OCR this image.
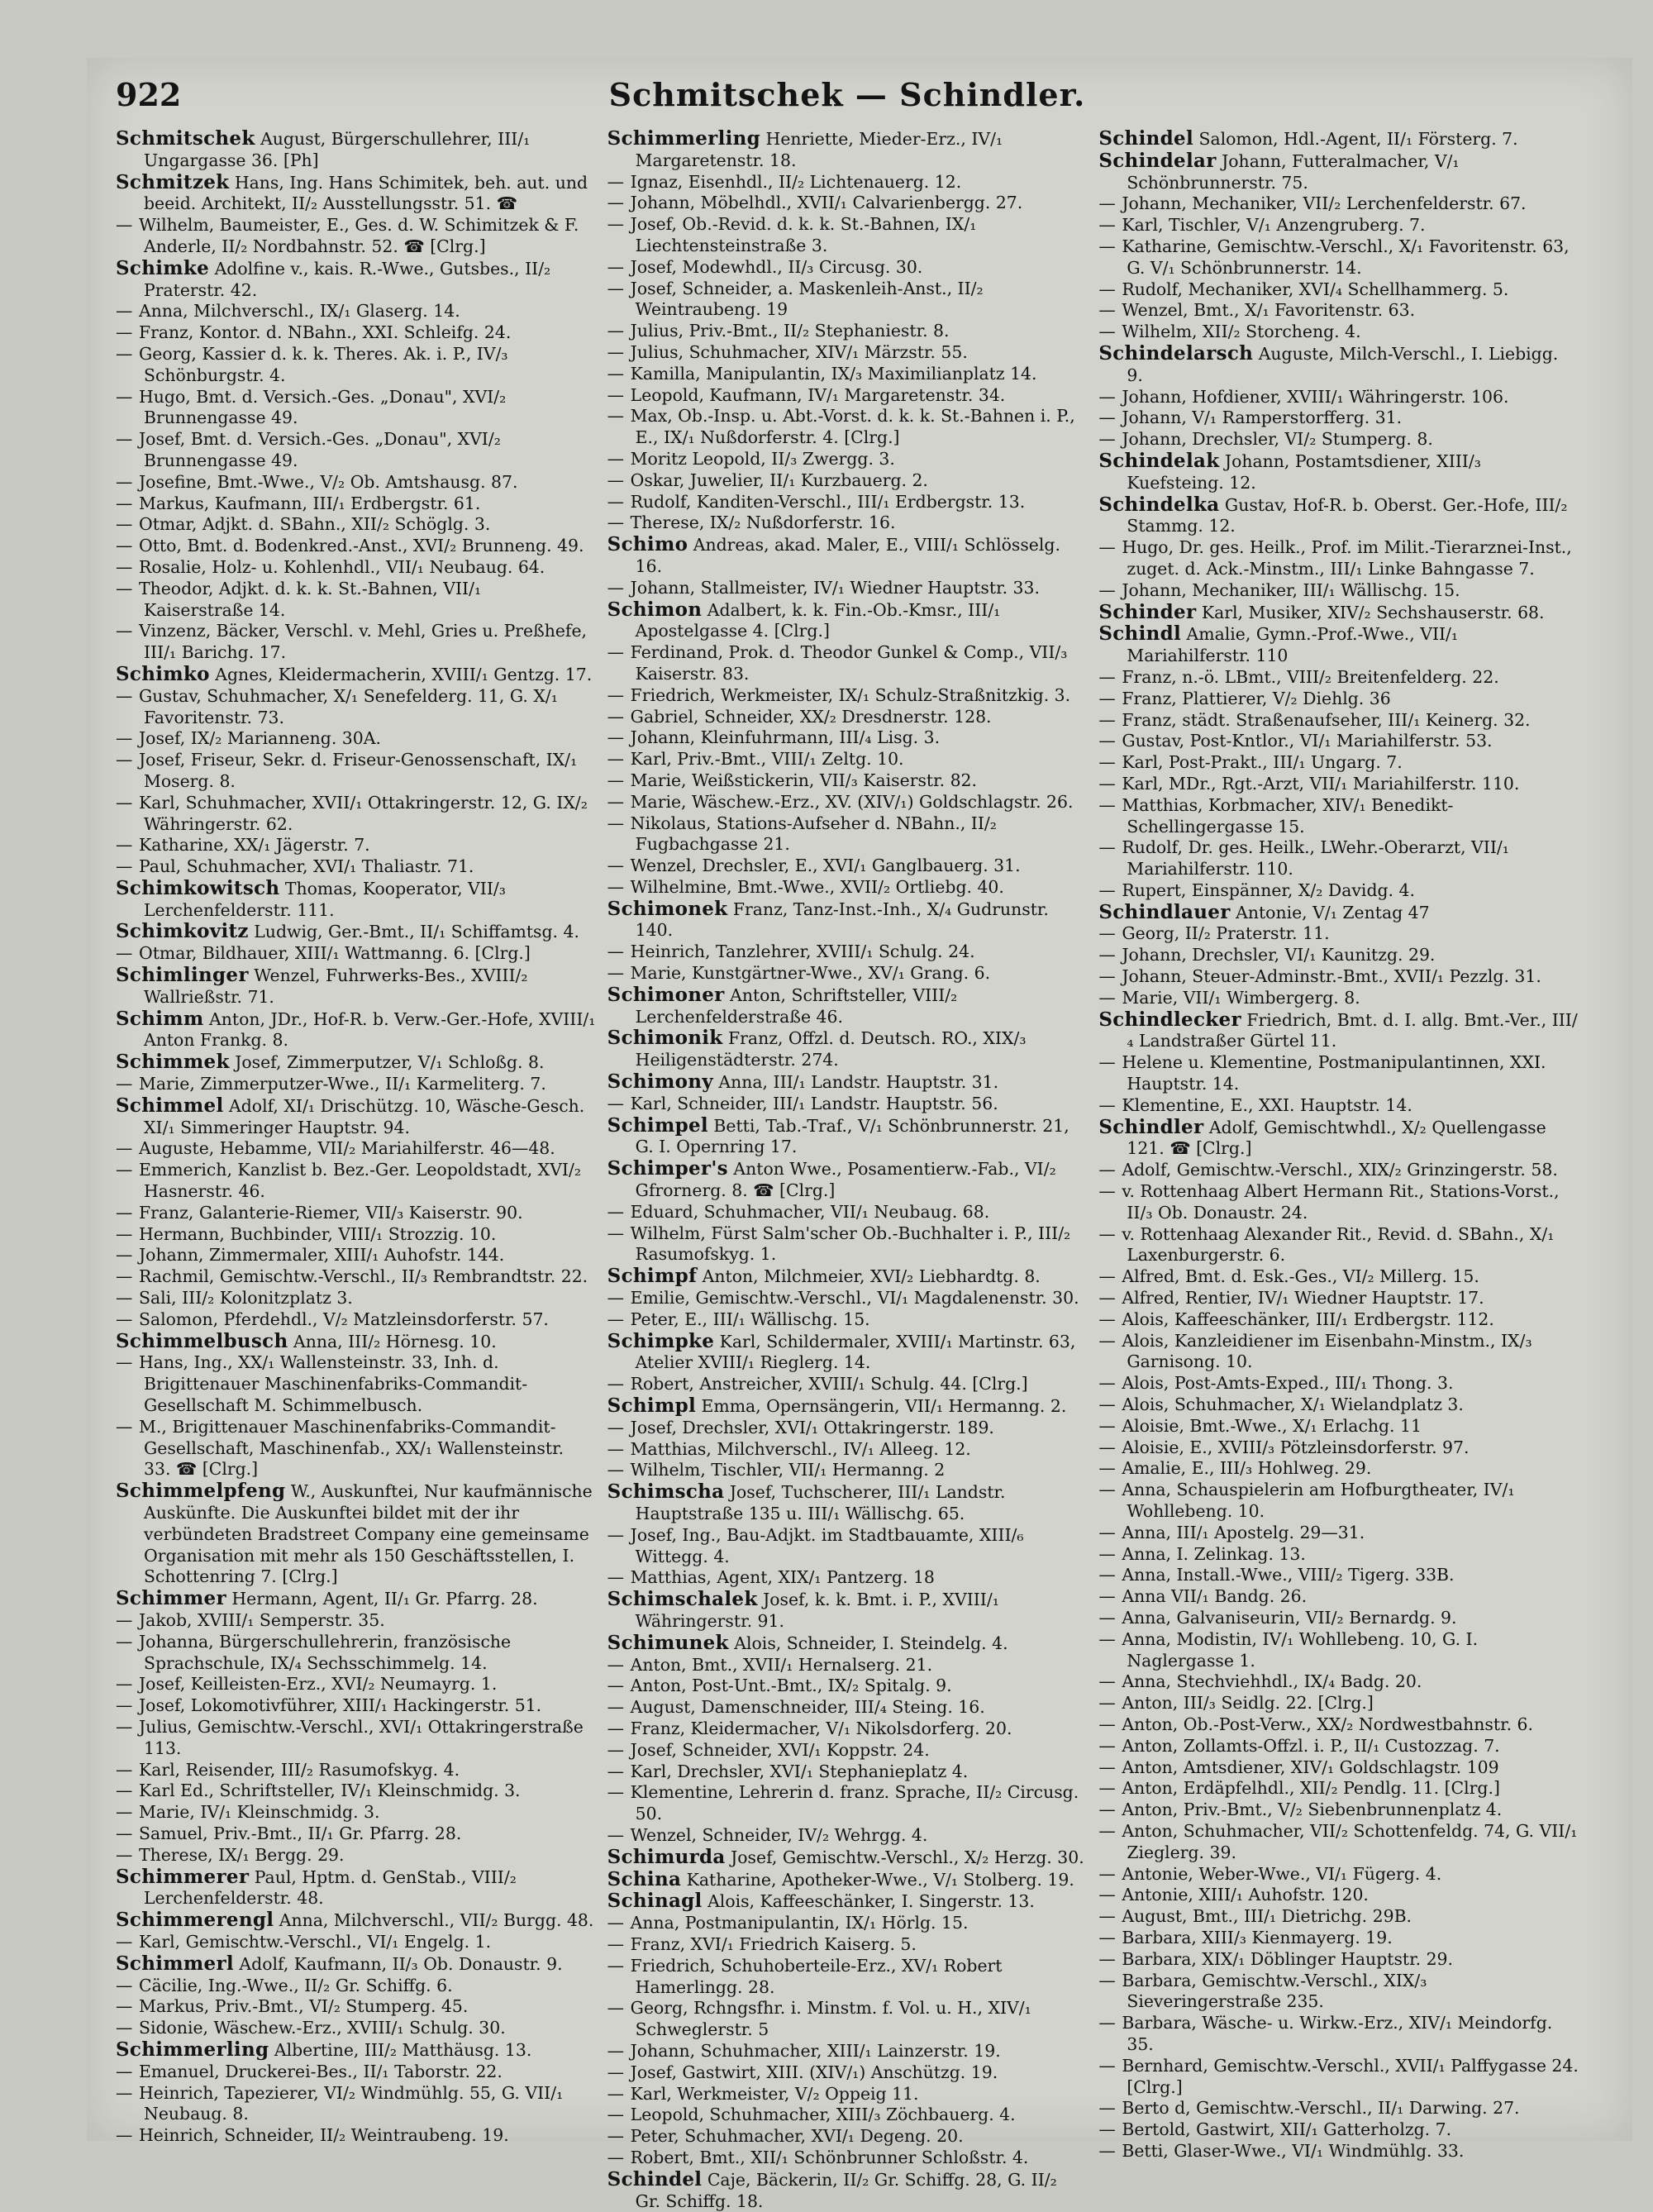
922	Schmitschek — Schindler.

Schmitschek August, Bürgerschullehrer, III/₁ Ungargasse 36. [Ph]

Schmitzek Hans, Ing. Hans Schimitek, beh. aut. und beeid. Architekt, II/₂ Ausstellungsstr. 51. ☎

— Wilhelm, Baumeister, E., Ges. d. W. Schimitzek & F. Anderle, II/₂ Nordbahnstr. 52. ☎ [Clrg.]

Schimke Adolfine v., kais. R.-Wwe., Gutsbes., II/₂ Praterstr. 42.

— Anna, Milchverschl., IX/₁ Glaserg. 14.

— Franz, Kontor. d. NBahn., XXI. Schleifg. 24.

— Georg, Kassier d. k. k. Theres. Ak. i. P., IV/₃ Schönburgstr. 4.

— Hugo, Bmt. d. Versich.-Ges. „Donau", XVI/₂ Brunnengasse 49.

— Josef, Bmt. d. Versich.-Ges. „Donau", XVI/₂ Brunnengasse 49.

— Josefine, Bmt.-Wwe., V/₂ Ob. Amtshausg. 87.

— Markus, Kaufmann, III/₁ Erdbergstr. 61.

— Otmar, Adjkt. d. SBahn., XII/₂ Schöglg. 3.

— Otto, Bmt. d. Bodenkred.-Anst., XVI/₂ Brunneng. 49.

— Rosalie, Holz- u. Kohlenhdl., VII/₁ Neubaug. 64.

— Theodor, Adjkt. d. k. k. St.-Bahnen, VII/₁ Kaiserstraße 14.

— Vinzenz, Bäcker, Verschl. v. Mehl, Gries u. Preßhefe, III/₁ Barichg. 17.

Schimko Agnes, Kleidermacherin, XVIII/₁ Gentzg. 17.

— Gustav, Schuhmacher, X/₁ Senefelderg. 11, G. X/₁ Favoritenstr. 73.

— Josef, IX/₂ Marianneng. 30A.

— Josef, Friseur, Sekr. d. Friseur-Genossenschaft, IX/₁ Moserg. 8.

— Karl, Schuhmacher, XVII/₁ Ottakringerstr. 12, G. IX/₂ Währingerstr. 62.

— Katharine, XX/₁ Jägerstr. 7.

— Paul, Schuhmacher, XVI/₁ Thaliastr. 71.

Schimkowitsch Thomas, Kooperator, VII/₃ Lerchenfelderstr. 111.

Schimkovitz Ludwig, Ger.-Bmt., II/₁ Schiffamtsg. 4.

— Otmar, Bildhauer, XIII/₁ Wattmanng. 6. [Clrg.]

Schimlinger Wenzel, Fuhrwerks-Bes., XVIII/₂ Wallrießstr. 71.

Schimm Anton, JDr., Hof-R. b. Verw.-Ger.-Hofe, XVIII/₁ Anton Frankg. 8.

Schimmek Josef, Zimmerputzer, V/₁ Schloßg. 8.

— Marie, Zimmerputzer-Wwe., II/₁ Karmeliterg. 7.

Schimmel Adolf, XI/₁ Drischützg. 10, Wäsche-Gesch. XI/₁ Simmeringer Hauptstr. 94.

— Auguste, Hebamme, VII/₂ Mariahilferstr. 46—48.

— Emmerich, Kanzlist b. Bez.-Ger. Leopoldstadt, XVI/₂ Hasnerstr. 46.

— Franz, Galanterie-Riemer, VII/₃ Kaiserstr. 90.

— Hermann, Buchbinder, VIII/₁ Strozzig. 10.

— Johann, Zimmermaler, XIII/₁ Auhofstr. 144.

— Rachmil, Gemischtw.-Verschl., II/₃ Rembrandtstr. 22.

— Sali, III/₂ Kolonitzplatz 3.

— Salomon, Pferdehdl., V/₂ Matzleinsdorferstr. 57.

Schimmelbusch Anna, III/₂ Hörnesg. 10.

— Hans, Ing., XX/₁ Wallensteinstr. 33, Inh. d. Brigittenauer Maschinenfabriks-Commandit-Gesellschaft M. Schimmelbusch.

— M., Brigittenauer Maschinenfabriks-Commandit-Gesellschaft, Maschinenfab., XX/₁ Wallensteinstr. 33. ☎ [Clrg.]

Schimmelpfeng W., Auskunftei, Nur kaufmännische Auskünfte. Die Auskunftei bildet mit der ihr verbündeten Bradstreet Company eine gemeinsame Organisation mit mehr als 150 Geschäftsstellen, I. Schottenring 7. [Clrg.]

Schimmer Hermann, Agent, II/₁ Gr. Pfarrg. 28.

— Jakob, XVIII/₁ Semperstr. 35.

— Johanna, Bürgerschullehrerin, französische Sprachschule, IX/₄ Sechsschimmelg. 14.

— Josef, Keilleisten-Erz., XVI/₂ Neumayrg. 1.

— Josef, Lokomotivführer, XIII/₁ Hackingerstr. 51.

— Julius, Gemischtw.-Verschl., XVI/₁ Ottakringerstraße 113.

— Karl, Reisender, III/₂ Rasumofskyg. 4.

— Karl Ed., Schriftsteller, IV/₁ Kleinschmidg. 3.

— Marie, IV/₁ Kleinschmidg. 3.

— Samuel, Priv.-Bmt., II/₁ Gr. Pfarrg. 28.

— Therese, IX/₁ Bergg. 29.

Schimmerer Paul, Hptm. d. GenStab., VIII/₂ Lerchenfelderstr. 48.

Schimmerengl Anna, Milchverschl., VII/₂ Burgg. 48.

— Karl, Gemischtw.-Verschl., VI/₁ Engelg. 1.

Schimmerl Adolf, Kaufmann, II/₃ Ob. Donaustr. 9.

— Cäcilie, Ing.-Wwe., II/₂ Gr. Schiffg. 6.

— Markus, Priv.-Bmt., VI/₂ Stumperg. 45.

— Sidonie, Wäschew.-Erz., XVIII/₁ Schulg. 30.

Schimmerling Albertine, III/₂ Matthäusg. 13.

— Emanuel, Druckerei-Bes., II/₁ Taborstr. 22.

— Heinrich, Tapezierer, VI/₂ Windmühlg. 55, G. VII/₁ Neubaug. 8.

— Heinrich, Schneider, II/₂ Weintraubeng. 19.

Schimmerling Henriette, Mieder-Erz., IV/₁ Margaretenstr. 18.

— Ignaz, Eisenhdl., II/₂ Lichtenauerg. 12.

— Johann, Möbelhdl., XVII/₁ Calvarienbergg. 27.

— Josef, Ob.-Revid. d. k. k. St.-Bahnen, IX/₁ Liechtensteinstraße 3.

— Josef, Modewhdl., II/₃ Circusg. 30.

— Josef, Schneider, a. Maskenleih-Anst., II/₂ Weintraubeng. 19

— Julius, Priv.-Bmt., II/₂ Stephaniestr. 8.

— Julius, Schuhmacher, XIV/₁ Märzstr. 55.

— Kamilla, Manipulantin, IX/₃ Maximilianplatz 14.

— Leopold, Kaufmann, IV/₁ Margaretenstr. 34.

— Max, Ob.-Insp. u. Abt.-Vorst. d. k. k. St.-Bahnen i. P., E., IX/₁ Nußdorferstr. 4. [Clrg.]

— Moritz Leopold, II/₃ Zwergg. 3.

— Oskar, Juwelier, II/₁ Kurzbauerg. 2.

— Rudolf, Kanditen-Verschl., III/₁ Erdbergstr. 13.

— Therese, IX/₂ Nußdorferstr. 16.

Schimo Andreas, akad. Maler, E., VIII/₁ Schlösselg. 16.

— Johann, Stallmeister, IV/₁ Wiedner Hauptstr. 33.

Schimon Adalbert, k. k. Fin.-Ob.-Kmsr., III/₁ Apostelgasse 4. [Clrg.]

— Ferdinand, Prok. d. Theodor Gunkel & Comp., VII/₃ Kaiserstr. 83.

— Friedrich, Werkmeister, IX/₁ Schulz-Straßnitzkig. 3.

— Gabriel, Schneider, XX/₂ Dresdnerstr. 128.

— Johann, Kleinfuhrmann, III/₄ Lisg. 3.

— Karl, Priv.-Bmt., VIII/₁ Zeltg. 10.

— Marie, Weißstickerin, VII/₃ Kaiserstr. 82.

— Marie, Wäschew.-Erz., XV. (XIV/₁) Goldschlagstr. 26.

— Nikolaus, Stations-Aufseher d. NBahn., II/₂ Fugbachgasse 21.

— Wenzel, Drechsler, E., XVI/₁ Ganglbauerg. 31.

— Wilhelmine, Bmt.-Wwe., XVII/₂ Ortliebg. 40.

Schimonek Franz, Tanz-Inst.-Inh., X/₄ Gudrunstr. 140.

— Heinrich, Tanzlehrer, XVIII/₁ Schulg. 24.

— Marie, Kunstgärtner-Wwe., XV/₁ Grang. 6.

Schimoner Anton, Schriftsteller, VIII/₂ Lerchenfelderstraße 46.

Schimonik Franz, Offzl. d. Deutsch. RO., XIX/₃ Heiligenstädterstr. 274.

Schimony Anna, III/₁ Landstr. Hauptstr. 31.

— Karl, Schneider, III/₁ Landstr. Hauptstr. 56.

Schimpel Betti, Tab.-Traf., V/₁ Schönbrunnerstr. 21, G. I. Opernring 17.

Schimper's Anton Wwe., Posamentierw.-Fab., VI/₂ Gfrornerg. 8. ☎ [Clrg.]

— Eduard, Schuhmacher, VII/₁ Neubaug. 68.

— Wilhelm, Fürst Salm'scher Ob.-Buchhalter i. P., III/₂ Rasumofskyg. 1.

Schimpf Anton, Milchmeier, XVI/₂ Liebhardtg. 8.

— Emilie, Gemischtw.-Verschl., VI/₁ Magdalenenstr. 30.

— Peter, E., III/₁ Wällischg. 15.

Schimpke Karl, Schildermaler, XVIII/₁ Martinstr. 63, Atelier XVIII/₁ Rieglerg. 14.

— Robert, Anstreicher, XVIII/₁ Schulg. 44. [Clrg.]

Schimpl Emma, Opernsängerin, VII/₁ Hermanng. 2.

— Josef, Drechsler, XVI/₁ Ottakringerstr. 189.

— Matthias, Milchverschl., IV/₁ Alleeg. 12.

— Wilhelm, Tischler, VII/₁ Hermanng. 2

Schimscha Josef, Tuchscherer, III/₁ Landstr. Hauptstraße 135 u. III/₁ Wällischg. 65.

— Josef, Ing., Bau-Adjkt. im Stadtbauamte, XIII/₆ Wittegg. 4.

— Matthias, Agent, XIX/₁ Pantzerg. 18

Schimschalek Josef, k. k. Bmt. i. P., XVIII/₁ Währingerstr. 91.

Schimunek Alois, Schneider, I. Steindelg. 4.

— Anton, Bmt., XVII/₁ Hernalserg. 21.

— Anton, Post-Unt.-Bmt., IX/₂ Spitalg. 9.

— August, Damenschneider, III/₄ Steing. 16.

— Franz, Kleidermacher, V/₁ Nikolsdorferg. 20.

— Josef, Schneider, XVI/₁ Koppstr. 24.

— Karl, Drechsler, XVI/₁ Stephanieplatz 4.

— Klementine, Lehrerin d. franz. Sprache, II/₂ Circusg. 50.

— Wenzel, Schneider, IV/₂ Wehrgg. 4.

Schimurda Josef, Gemischtw.-Verschl., X/₂ Herzg. 30.

Schina Katharine, Apotheker-Wwe., V/₁ Stolberg. 19.

Schinagl Alois, Kaffeeschänker, I. Singerstr. 13.

— Anna, Postmanipulantin, IX/₁ Hörlg. 15.

— Franz, XVI/₁ Friedrich Kaiserg. 5.

— Friedrich, Schuhoberteile-Erz., XV/₁ Robert Hamerlingg. 28.

— Georg, Rchngsfhr. i. Minstm. f. Vol. u. H., XIV/₁ Schweglerstr. 5

— Johann, Schuhmacher, XIII/₁ Lainzerstr. 19.

— Josef, Gastwirt, XIII. (XIV/₁) Anschützg. 19.

— Karl, Werkmeister, V/₂ Oppeig 11.

— Leopold, Schuhmacher, XIII/₃ Zöchbauerg. 4.

— Peter, Schuhmacher, XVI/₁ Degeng. 20.

— Robert, Bmt., XII/₁ Schönbrunner Schloßstr. 4.

Schindel Caje, Bäckerin, II/₂ Gr. Schiffg. 28, G. II/₂ Gr. Schiffg. 18.

Schindel Salomon, Hdl.-Agent, II/₁ Försterg. 7.

Schindelar Johann, Futteralmacher, V/₁ Schönbrunnerstr. 75.

— Johann, Mechaniker, VII/₂ Lerchenfelderstr. 67.

— Karl, Tischler, V/₁ Anzengruberg. 7.

— Katharine, Gemischtw.-Verschl., X/₁ Favoritenstr. 63, G. V/₁ Schönbrunnerstr. 14.

— Rudolf, Mechaniker, XVI/₄ Schellhammerg. 5.

— Wenzel, Bmt., X/₁ Favoritenstr. 63.

— Wilhelm, XII/₂ Storcheng. 4.

Schindelarsch Auguste, Milch-Verschl., I. Liebigg. 9.

— Johann, Hofdiener, XVIII/₁ Währingerstr. 106.

— Johann, V/₁ Ramperstorfferg. 31.

— Johann, Drechsler, VI/₂ Stumperg. 8.

Schindelak Johann, Postamtsdiener, XIII/₃ Kuefsteing. 12.

Schindelka Gustav, Hof-R. b. Oberst. Ger.-Hofe, III/₂ Stammg. 12.

— Hugo, Dr. ges. Heilk., Prof. im Milit.-Tierarznei-Inst., zuget. d. Ack.-Minstm., III/₁ Linke Bahngasse 7.

— Johann, Mechaniker, III/₁ Wällischg. 15.

Schinder Karl, Musiker, XIV/₂ Sechshauserstr. 68.

Schindl Amalie, Gymn.-Prof.-Wwe., VII/₁ Mariahilferstr. 110

— Franz, n.-ö. LBmt., VIII/₂ Breitenfelderg. 22.

— Franz, Plattierer, V/₂ Diehlg. 36

— Franz, städt. Straßenaufseher, III/₁ Keinerg. 32.

— Gustav, Post-Kntlor., VI/₁ Mariahilferstr. 53.

— Karl, Post-Prakt., III/₁ Ungarg. 7.

— Karl, MDr., Rgt.-Arzt, VII/₁ Mariahilferstr. 110.

— Matthias, Korbmacher, XIV/₁ Benedikt-Schellingergasse 15.

— Rudolf, Dr. ges. Heilk., LWehr.-Oberarzt, VII/₁ Mariahilferstr. 110.

— Rupert, Einspänner, X/₂ Davidg. 4.

Schindlauer Antonie, V/₁ Zentag 47

— Georg, II/₂ Praterstr. 11.

— Johann, Drechsler, VI/₁ Kaunitzg. 29.

— Johann, Steuer-Adminstr.-Bmt., XVII/₁ Pezzlg. 31.

— Marie, VII/₁ Wimbergerg. 8.

Schindlecker Friedrich, Bmt. d. I. allg. Bmt.-Ver., III/₄ Landstraßer Gürtel 11.

— Helene u. Klementine, Postmanipulantinnen, XXI. Hauptstr. 14.

— Klementine, E., XXI. Hauptstr. 14.

Schindler Adolf, Gemischtwhdl., X/₂ Quellengasse 121. ☎ [Clrg.]

— Adolf, Gemischtw.-Verschl., XIX/₂ Grinzingerstr. 58.

— v. Rottenhaag Albert Hermann Rit., Stations-Vorst., II/₃ Ob. Donaustr. 24.

— v. Rottenhaag Alexander Rit., Revid. d. SBahn., X/₁ Laxenburgerstr. 6.

— Alfred, Bmt. d. Esk.-Ges., VI/₂ Millerg. 15.

— Alfred, Rentier, IV/₁ Wiedner Hauptstr. 17.

— Alois, Kaffeeschänker, III/₁ Erdbergstr. 112.

— Alois, Kanzleidiener im Eisenbahn-Minstm., IX/₃ Garnisong. 10.

— Alois, Post-Amts-Exped., III/₁ Thong. 3.

— Alois, Schuhmacher, X/₁ Wielandplatz 3.

— Aloisie, Bmt.-Wwe., X/₁ Erlachg. 11

— Aloisie, E., XVIII/₃ Pötzleinsdorferstr. 97.

— Amalie, E., III/₃ Hohlweg. 29.

— Anna, Schauspielerin am Hofburgtheater, IV/₁ Wohllebeng. 10.

— Anna, III/₁ Apostelg. 29—31.

— Anna, I. Zelinkag. 13.

— Anna, Install.-Wwe., VIII/₂ Tigerg. 33B.

— Anna VII/₁ Bandg. 26.

— Anna, Galvaniseurin, VII/₂ Bernardg. 9.

— Anna, Modistin, IV/₁ Wohllebeng. 10, G. I. Naglergasse 1.

— Anna, Stechviehhdl., IX/₄ Badg. 20.

— Anton, III/₃ Seidlg. 22. [Clrg.]

— Anton, Ob.-Post-Verw., XX/₂ Nordwestbahnstr. 6.

— Anton, Zollamts-Offzl. i. P., II/₁ Custozzag. 7.

— Anton, Amtsdiener, XIV/₁ Goldschlagstr. 109

— Anton, Erdäpfelhdl., XII/₂ Pendlg. 11. [Clrg.]

— Anton, Priv.-Bmt., V/₂ Siebenbrunnenplatz 4.

— Anton, Schuhmacher, VII/₂ Schottenfeldg. 74, G. VII/₁ Zieglerg. 39.

— Antonie, Weber-Wwe., VI/₁ Fügerg. 4.

— Antonie, XIII/₁ Auhofstr. 120.

— August, Bmt., III/₁ Dietrichg. 29B.

— Barbara, XIII/₃ Kienmayerg. 19.

— Barbara, XIX/₁ Döblinger Hauptstr. 29.

— Barbara, Gemischtw.-Verschl., XIX/₃ Sieveringerstraße 235.

— Barbara, Wäsche- u. Wirkw.-Erz., XIV/₁ Meindorfg. 35.

— Bernhard, Gemischtw.-Verschl., XVII/₁ Palffygasse 24. [Clrg.]

— Berto d, Gemischtw.-Verschl., II/₁ Darwing. 27.

— Bertold, Gastwirt, XII/₁ Gatterholzg. 7.

— Betti, Glaser-Wwe., VI/₁ Windmühlg. 33.
